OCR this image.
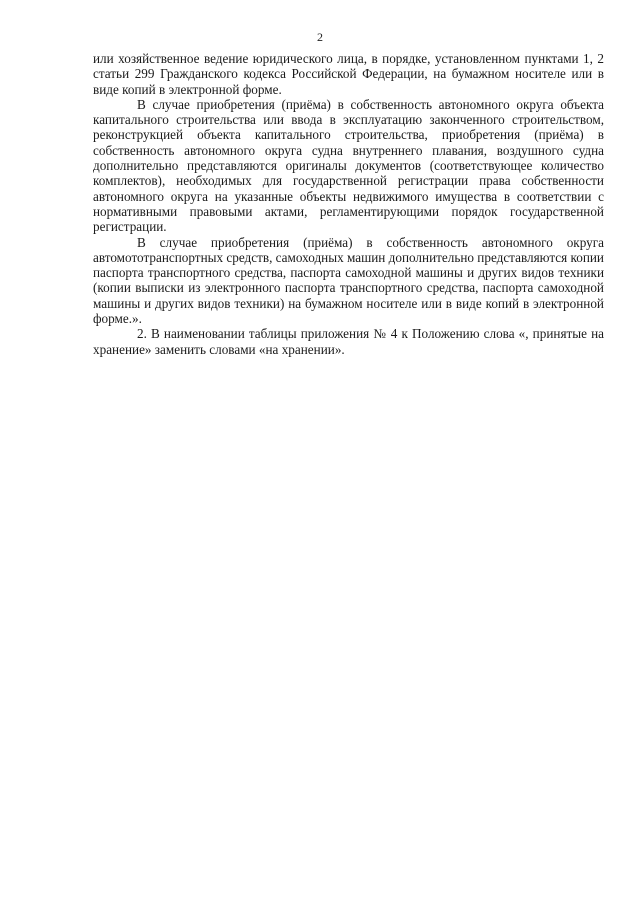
2

или хозяйственное ведение юридического лица, в порядке, установленном пунктами 1, 2 статьи 299 Гражданского кодекса Российской Федерации, на бумажном носителе или в виде копий в электронной форме.

В случае приобретения (приёма) в собственность автономного округа объекта капитального строительства или ввода в эксплуатацию законченного строительством, реконструкцией объекта капитального строительства, приобретения (приёма) в собственность автономного округа судна внутреннего плавания, воздушного судна дополнительно представляются оригиналы документов (соответствующее количество комплектов), необходимых для государственной регистрации права собственности автономного округа на указанные объекты недвижимого имущества в соответствии с нормативными правовыми актами, регламентирующими порядок государственной регистрации.

В случае приобретения (приёма) в собственность автономного округа автомототранспортных средств, самоходных машин дополнительно представляются копии паспорта транспортного средства, паспорта самоходной машины и других видов техники (копии выписки из электронного паспорта транспортного средства, паспорта самоходной машины и других видов техники) на бумажном носителе или в виде копий в электронной форме.».

2. В наименовании таблицы приложения № 4 к Положению слова «, принятые на хранение» заменить словами «на хранении».
